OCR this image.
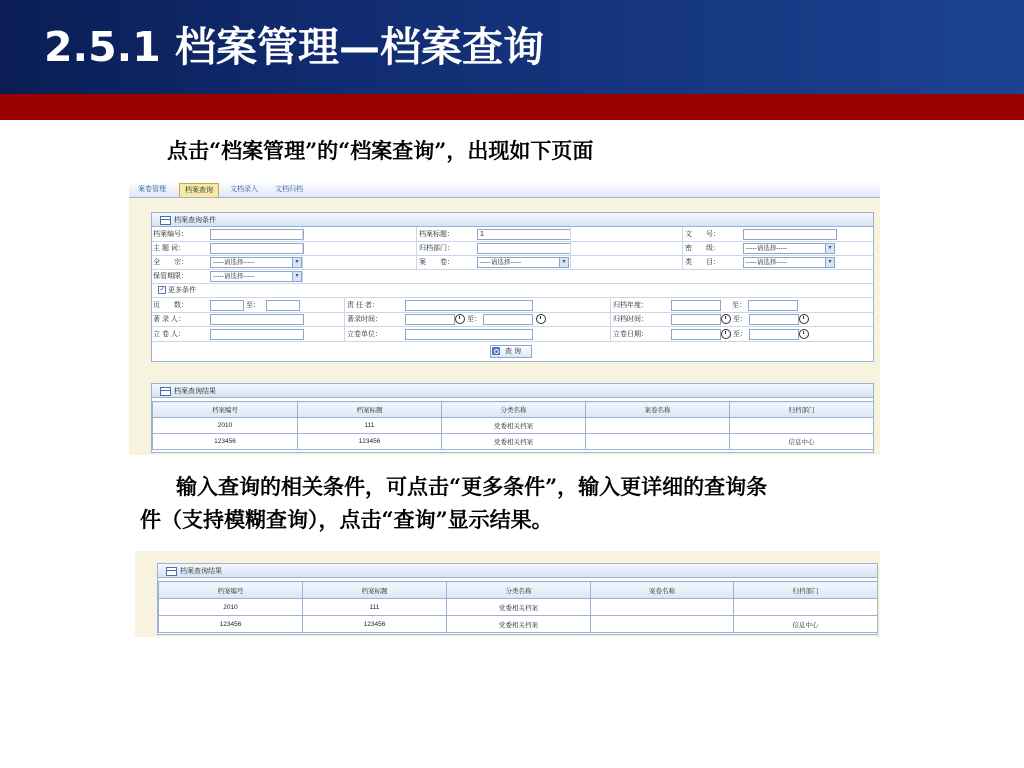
2.5.1 档案管理—档案查询
点击“档案管理”的“档案查询”，出现如下页面
案卷管理	档案查询	文档录入	文档归档
档案查询条件
档案编号：	档案标题：	1	文　　号：
主 题 词：	归档部门：	密　　级：	-----请选择-----	▾
全　　宗：	-----请选择-----	▾	案　　卷：	-----请选择-----	▾	类　　目：	-----请选择-----	▾
保管期限：	-----请选择-----	▾
✓ 更多条件
页　　数：	至：	责 任 者：	归档年度：	至：
著 录 人：	著录时间：	至：	归档时间：	至：
立 卷 人：	立卷单位：	立卷日期：	至：
查 询
档案查询结果
档案编号	档案标题	分类名称	案卷名称	归档部门
2010	111	党委相关档案		
123456	123456	党委相关档案		信息中心
输入查询的相关条件，可点击“更多条件”，输入更详细的查询条
件（支持模糊查询），点击“查询”显示结果。
档案查询结果
档案编号	档案标题	分类名称	案卷名称	归档部门
2010	111	党委相关档案		
123456	123456	党委相关档案		信息中心
